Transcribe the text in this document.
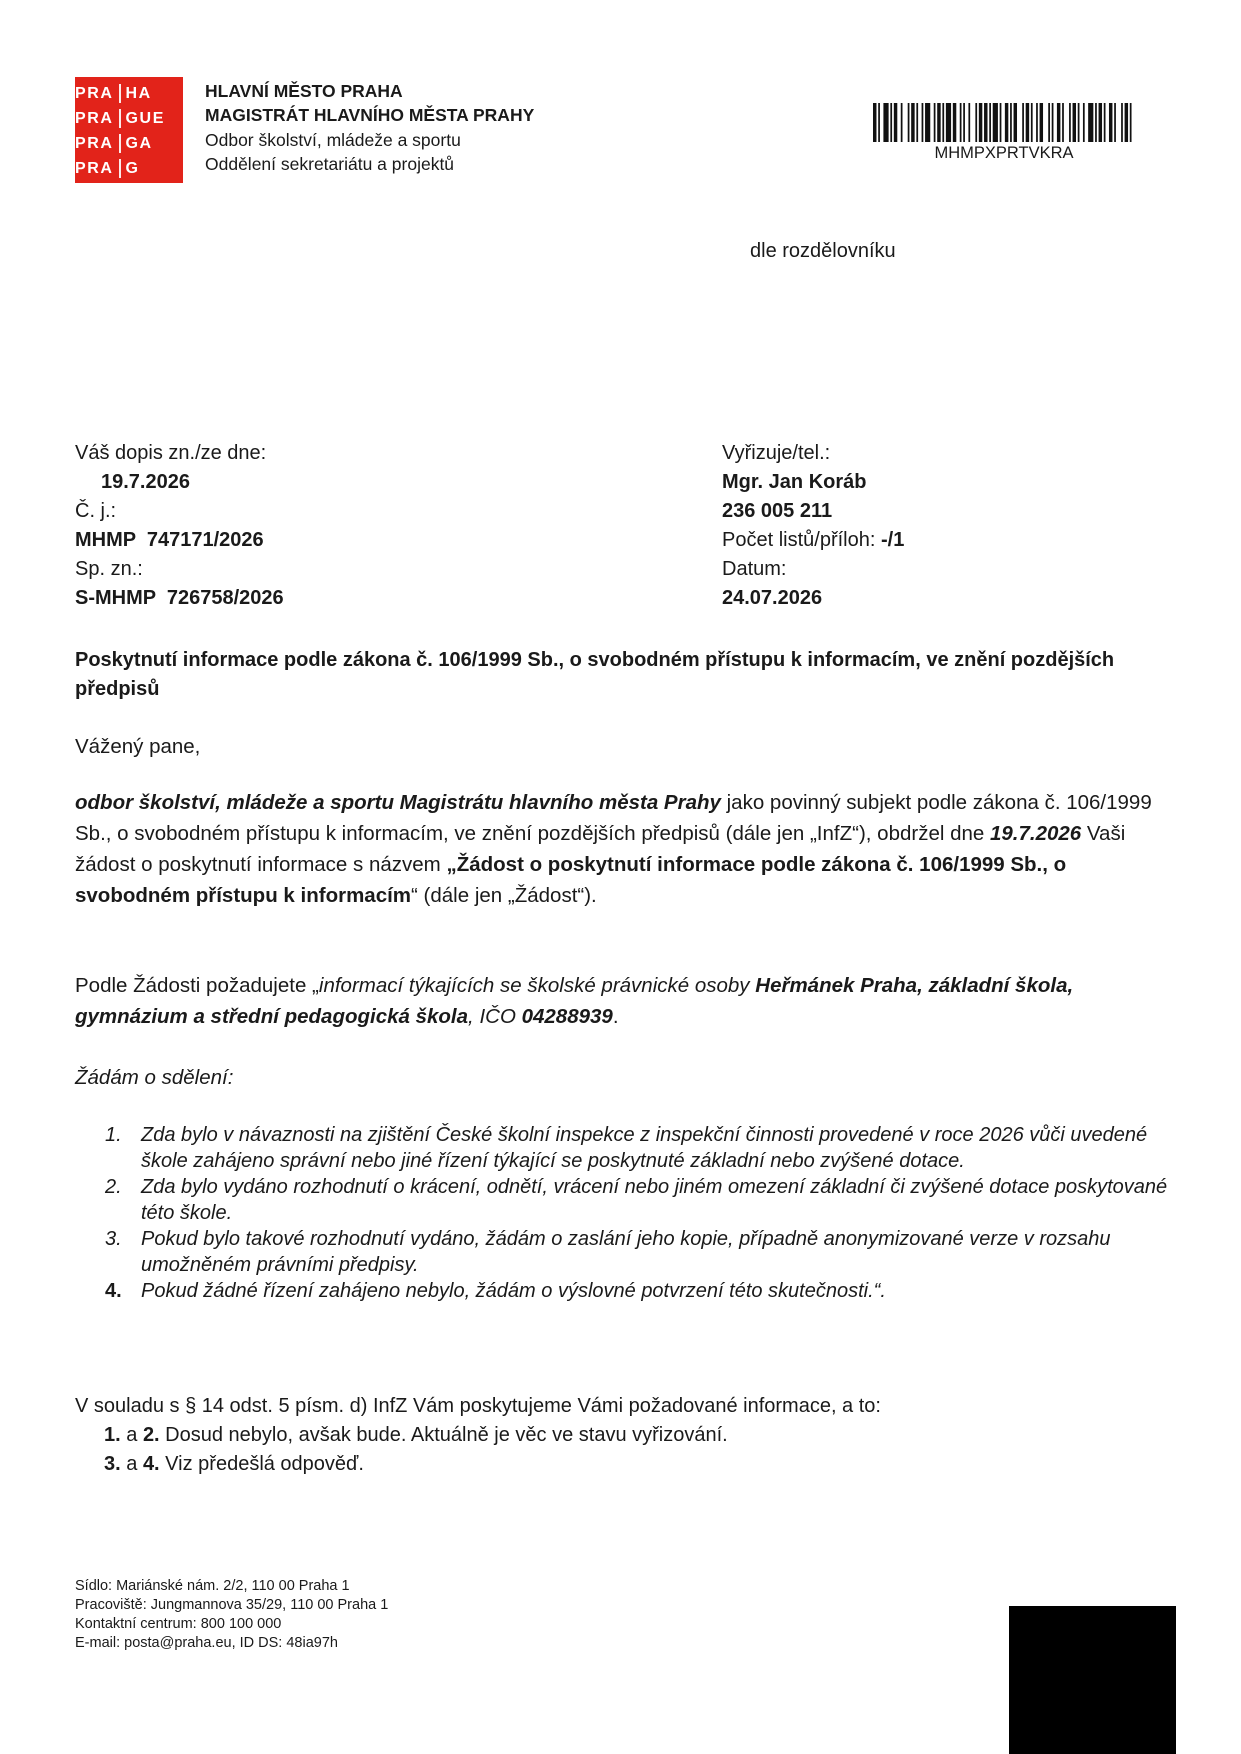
PRA HA
PRA GUE
PRA GA
PRA G
HLAVNÍ MĚSTO PRAHA
MAGISTRÁT HLAVNÍHO MĚSTA PRAHY
Odbor školství, mládeže a sportu
Oddělení sekretariátu a projektů
MHMPXPRTVKRA
dle rozdělovníku
Váš dopis zn./ze dne:
19.7.2026
Č. j.:
MHMP  747171/2026
Sp. zn.:
S-MHMP  726758/2026
Vyřizuje/tel.:
Mgr. Jan Koráb
236 005 211
Počet listů/příloh: -/1
Datum:
24.07.2026
Poskytnutí informace podle zákona č. 106/1999 Sb., o svobodném přístupu k informacím, ve znění pozdějších předpisů
Vážený pane,
odbor školství, mládeže a sportu Magistrátu hlavního města Prahy jako povinný subjekt podle zákona č. 106/1999 Sb., o svobodném přístupu k informacím, ve znění pozdějších předpisů (dále jen „InfZ“), obdržel dne 19.7.2026 Vaši žádost o poskytnutí informace s názvem „Žádost o poskytnutí informace podle zákona č. 106/1999 Sb., o svobodném přístupu k informacím“ (dále jen „Žádost“).
Podle Žádosti požadujete „informací týkajících se školské právnické osoby Heřmánek Praha, základní škola, gymnázium a střední pedagogická škola, IČO 04288939.
Žádám o sdělení:
1. Zda bylo v návaznosti na zjištění České školní inspekce z inspekční činnosti provedené v roce 2026 vůči uvedené škole zahájeno správní nebo jiné řízení týkající se poskytnuté základní nebo zvýšené dotace.
2. Zda bylo vydáno rozhodnutí o krácení, odnětí, vrácení nebo jiném omezení základní či zvýšené dotace poskytované této škole.
3. Pokud bylo takové rozhodnutí vydáno, žádám o zaslání jeho kopie, případně anonymizované verze v rozsahu umožněném právními předpisy.
4. Pokud žádné řízení zahájeno nebylo, žádám o výslovné potvrzení této skutečnosti.“.
V souladu s § 14 odst. 5 písm. d) InfZ Vám poskytujeme Vámi požadované informace, a to:
1. a 2. Dosud nebylo, avšak bude. Aktuálně je věc ve stavu vyřizování.
3. a 4. Viz předešlá odpověď.
Sídlo: Mariánské nám. 2/2, 110 00 Praha 1
Pracoviště: Jungmannova 35/29, 110 00 Praha 1
Kontaktní centrum: 800 100 000
E-mail: posta@praha.eu, ID DS: 48ia97h
